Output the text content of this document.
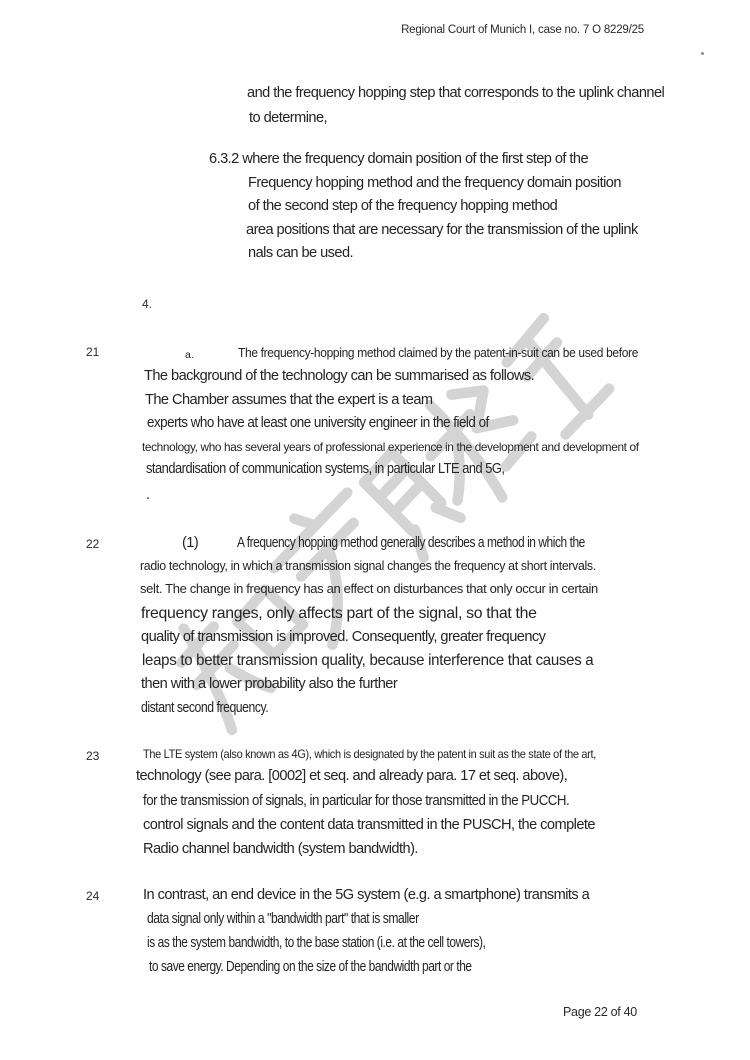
Regional Court of Munich I, case no. 7 O 8229/25
and the frequency hopping step that corresponds to the uplink channel
to determine,
6.3.2 where the frequency domain position of the first step of the
Frequency hopping method and the frequency domain position
of the second step of the frequency hopping method
area positions that are necessary for the transmission of the uplink
nals can be used.
4.
21	a.	The frequency-hopping method claimed by the patent-in-suit can be used before
The background of the technology can be summarised as follows.
The Chamber assumes that the expert is a team
experts who have at least one university engineer in the field of
technology, who has several years of professional experience in the development and development of
standardisation of communication systems, in particular LTE and 5G,
.
22	(1)	A frequency hopping method generally describes a method in which the
radio technology, in which a transmission signal changes the frequency at short intervals.
selt. The change in frequency has an effect on disturbances that only occur in certain
frequency ranges, only affects part of the signal, so that the
quality of transmission is improved. Consequently, greater frequency
leaps to better transmission quality, because interference that causes a
then with a lower probability also the further
distant second frequency.
23	The LTE system (also known as 4G), which is designated by the patent in suit as the state of the art,
technology (see para. [0002] et seq. and already para. 17 et seq. above),
for the transmission of signals, in particular for those transmitted in the PUCCH.
control signals and the content data transmitted in the PUSCH, the complete
Radio channel bandwidth (system bandwidth).
24	In contrast, an end device in the 5G system (e.g. a smartphone) transmits a
data signal only within a "bandwidth part" that is smaller
is as the system bandwidth, to the base station (i.e. at the cell towers),
to save energy. Depending on the size of the bandwidth part or the
Page 22 of 40
